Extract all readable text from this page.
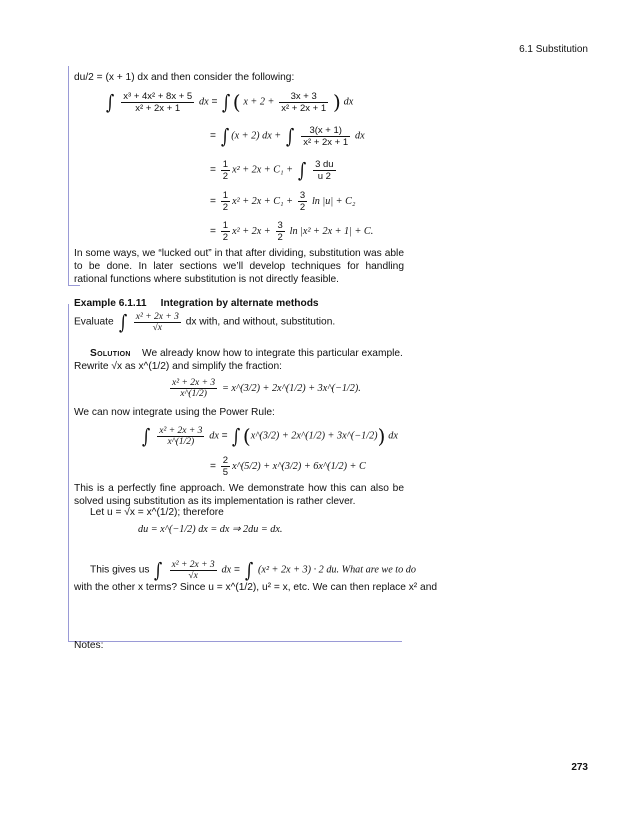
6.1 Substitution
du/2 = (x + 1) dx and then consider the following:
∫ $\frac{\text{x³ + 4x² + 8x + 5}}{\text{x² + 2x + 1}}$ dx = ∫ ( $x + 2 + \frac{3x + 3}{\text{x² + 2x + 1}}$ ) dx
= ∫ (x + 2) dx + ∫ $\frac{3(x + 1)}{\text{x² + 2x + 1}}$ dx
= $\frac{1}{2} x^2 + 2x + C_1$ + ∫ $\frac{3 du}{u 2}$
= $\frac{1}{2} x^2 + 2x + C_1 + \frac{3}{2}$ ln |u| + C₂
= $\frac{1}{2} x^2 + 2x + \frac{3}{2}$ ln |x² + 2x + 1| + C.
In some ways, we “lucked out” in that after dividing, substitution was able to be done. In later sections we’ll develop techniques for handling rational functions where substitution is not directly feasible.
Example 6.1.11 Integration by alternate methods
Evaluate ∫ $\frac{\text{x² + 2x + 3}}{√x}$ dx with, and without, substitution.
Solution We already know how to integrate this particular example.
Rewrite √x as x^(1/2) and simplify the fraction:
$\frac{\text{x² + 2x + 3}}{x\^{}(1/2)}$ = x^(3/2) + 2x^(1/2) + 3x^(−1/2).
We can now integrate using the Power Rule:
∫ $\frac{\text{x² + 2x + 3}}{x\^{}(1/2)}$ dx = ∫ (x^(3/2) + 2x^(1/2) + 3x^(−1/2)) dx
= $\frac{2}{5}$ x^(5/2) + x^(3/2) + 6x^(1/2) + C
This is a perfectly fine approach. We demonstrate how this can also be solved using substitution as its implementation is rather clever.
Let u = √x = x^(1/2); therefore
du = x^(−1/2) dx = dx ⇒ 2du = dx.
This gives us ∫ $\frac{\text{x² + 2x + 3}}{√x}$ dx = ∫ (x² + 2x + 3) · 2 du. What are we to do
with the other x terms? Since u = x^(1/2), u² = x, etc. We can then replace x² and
Notes:
273
